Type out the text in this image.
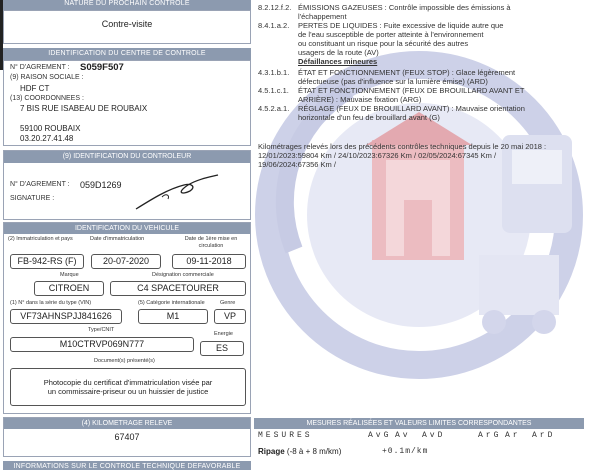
NATURE DU PROCHAIN CONTROLE
Contre-visite
IDENTIFICATION DU CENTRE DE CONTROLE
N° D'AGREMENT : S059F507
(9) RAISON SOCIALE :
HDF CT
(13) COORDONNEES :
7 BIS RUE ISABEAU DE ROUBAIX
59100 ROUBAIX
03.20.27.41.48
(9) IDENTIFICATION DU CONTROLEUR
N° D'AGREMENT : 059D1269
SIGNATURE :
IDENTIFICATION DU VEHICULE
(2) Immatriculation et pays	Date d'immatriculation	Date de 1ère mise en circulation
FB-942-RS (F)	20-07-2020	09-11-2018
Marque	Désignation commerciale
CITROEN	C4 SPACETOURER
(1) N° dans la série du type (VIN)	(5) Catégorie internationale	Genre
VF73AHNSPJJ841626	M1	VP
Type/CNIT
Energie
M10CTRVP069N777	ES
Document(s) présenté(s)
Photocopie du certificat d'immatriculation visée par un commissaire-priseur ou un huissier de justice
(4) KILOMETRAGE RELEVE
67407
INFORMATIONS SUR LE CONTROLE TECHNIQUE DEFAVORABLE
8.2.12.f.2. ÉMISSIONS GAZEUSES : Contrôle impossible des émissions à
l'échappement
8.4.1.a.2. PERTES DE LIQUIDES : Fuite excessive de liquide autre que
de l'eau susceptible de porter atteinte à l'environnement
ou constituant un risque pour la sécurité des autres
usagers de la route (AV)
Défaillances mineures
4.3.1.b.1. ÉTAT ET FONCTIONNEMENT (FEUX STOP) : Glace légèrement
défectueuse (pas d'influence sur la lumière émise) (ARD)
4.5.1.c.1. ÉTAT ET FONCTIONNEMENT (FEUX DE BROUILLARD AVANT ET
ARRIÈRE) : Mauvaise fixation (ARG)
4.5.2.a.1. RÉGLAGE (FEUX DE BROUILLARD AVANT) : Mauvaise orientation
horizontale d'un feu de brouillard avant (G)
Kilométrages relevés lors des précédents contrôles techniques depuis le 20 mai 2018 :
12/01/2023:59804 Km / 24/10/2023:67326 Km / 02/05/2024:67345 Km /
19/06/2024:67356 Km /
MESURES RÉALISÉES ET VALEURS LIMITES CORRESPONDANTES
MESURES	AvG Av AvD	ArG Ar ArD
Ripage (-8 à + 8 m/km)	+0.1m/km
